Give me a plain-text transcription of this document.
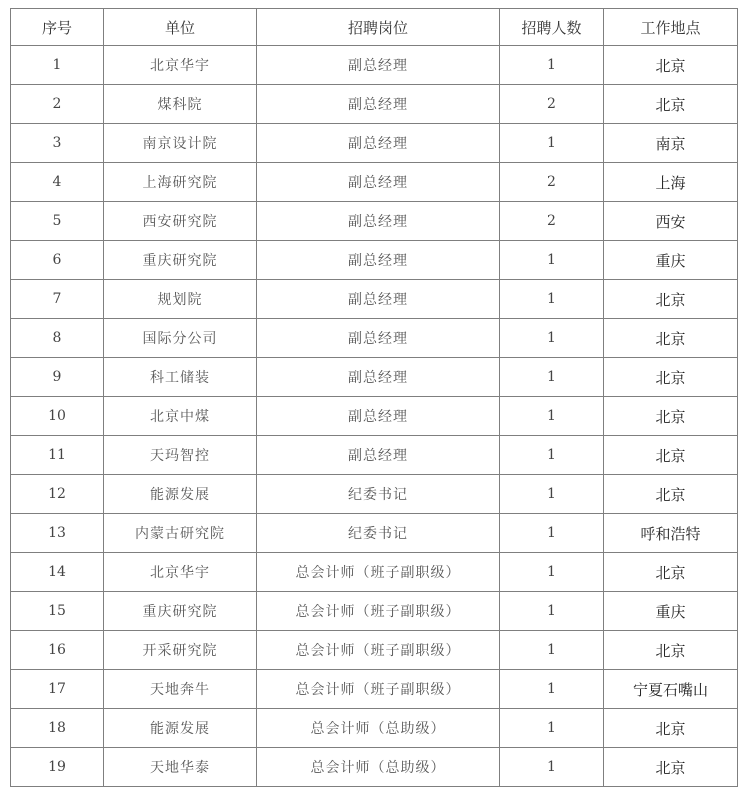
序号	单位	招聘岗位	招聘人数	工作地点
1	北京华宇	副总经理	1	北京
2	煤科院	副总经理	2	北京
3	南京设计院	副总经理	1	南京
4	上海研究院	副总经理	2	上海
5	西安研究院	副总经理	2	西安
6	重庆研究院	副总经理	1	重庆
7	规划院	副总经理	1	北京
8	国际分公司	副总经理	1	北京
9	科工储装	副总经理	1	北京
10	北京中煤	副总经理	1	北京
11	天玛智控	副总经理	1	北京
12	能源发展	纪委书记	1	北京
13	内蒙古研究院	纪委书记	1	呼和浩特
14	北京华宇	总会计师（班子副职级）	1	北京
15	重庆研究院	总会计师（班子副职级）	1	重庆
16	开采研究院	总会计师（班子副职级）	1	北京
17	天地奔牛	总会计师（班子副职级）	1	宁夏石嘴山
18	能源发展	总会计师（总助级）	1	北京
19	天地华泰	总会计师（总助级）	1	北京
